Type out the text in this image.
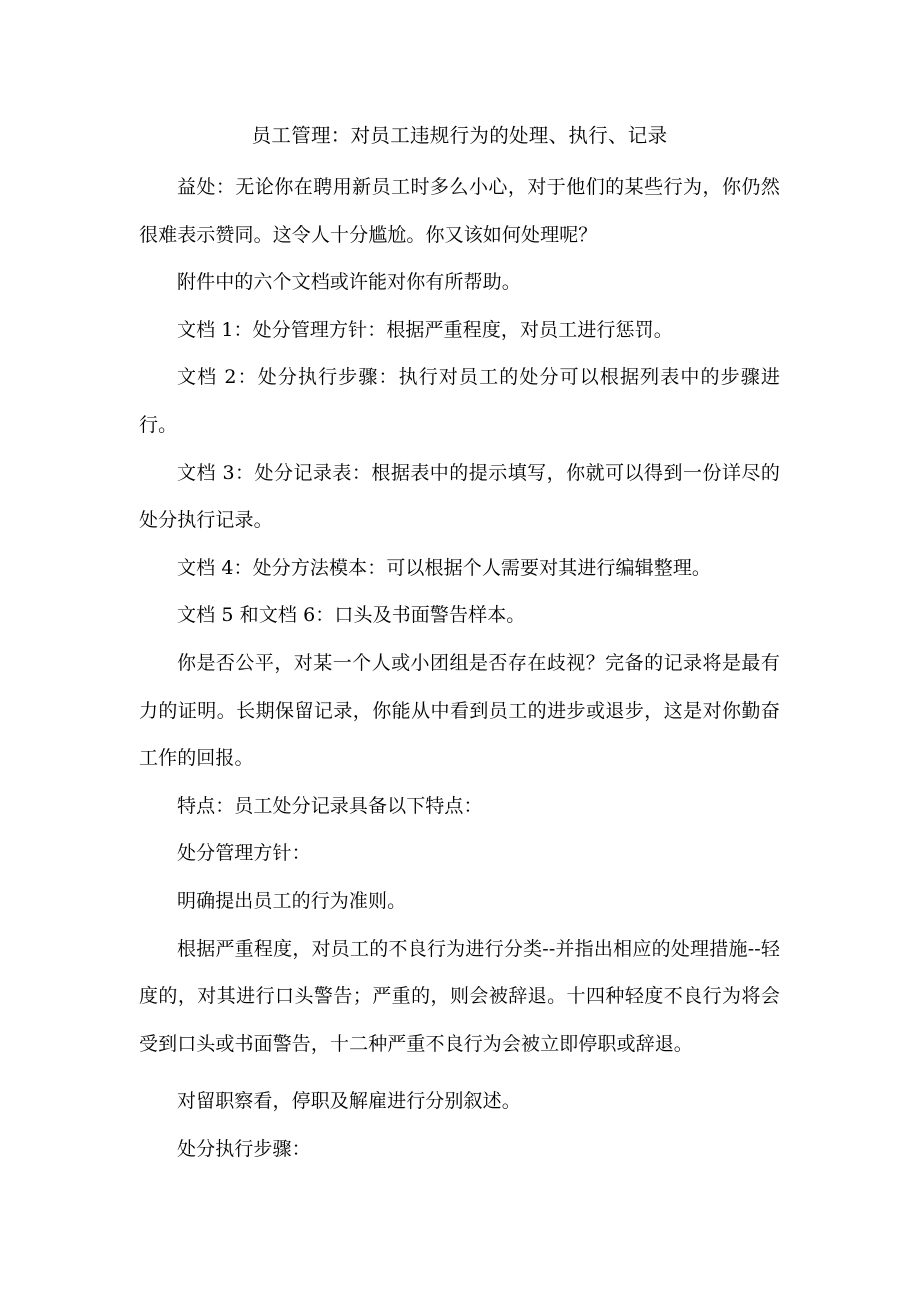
员工管理：对员工违规行为的处理、执行、记录

益处：无论你在聘用新员工时多么小心，对于他们的某些行为，你仍然很难表示赞同。这令人十分尴尬。你又该如何处理呢？

附件中的六个文档或许能对你有所帮助。

文档 1：处分管理方针：根据严重程度，对员工进行惩罚。

文档 2：处分执行步骤：执行对员工的处分可以根据列表中的步骤进行。

文档 3：处分记录表：根据表中的提示填写，你就可以得到一份详尽的处分执行记录。

文档 4：处分方法模本：可以根据个人需要对其进行编辑整理。

文档 5 和文档 6：口头及书面警告样本。

你是否公平，对某一个人或小团组是否存在歧视？完备的记录将是最有力的证明。长期保留记录，你能从中看到员工的进步或退步，这是对你勤奋工作的回报。

特点：员工处分记录具备以下特点：

处分管理方针：

明确提出员工的行为准则。

根据严重程度，对员工的不良行为进行分类--并指出相应的处理措施--轻度的，对其进行口头警告；严重的，则会被辞退。十四种轻度不良行为将会受到口头或书面警告，十二种严重不良行为会被立即停职或辞退。

对留职察看，停职及解雇进行分别叙述。

处分执行步骤：
